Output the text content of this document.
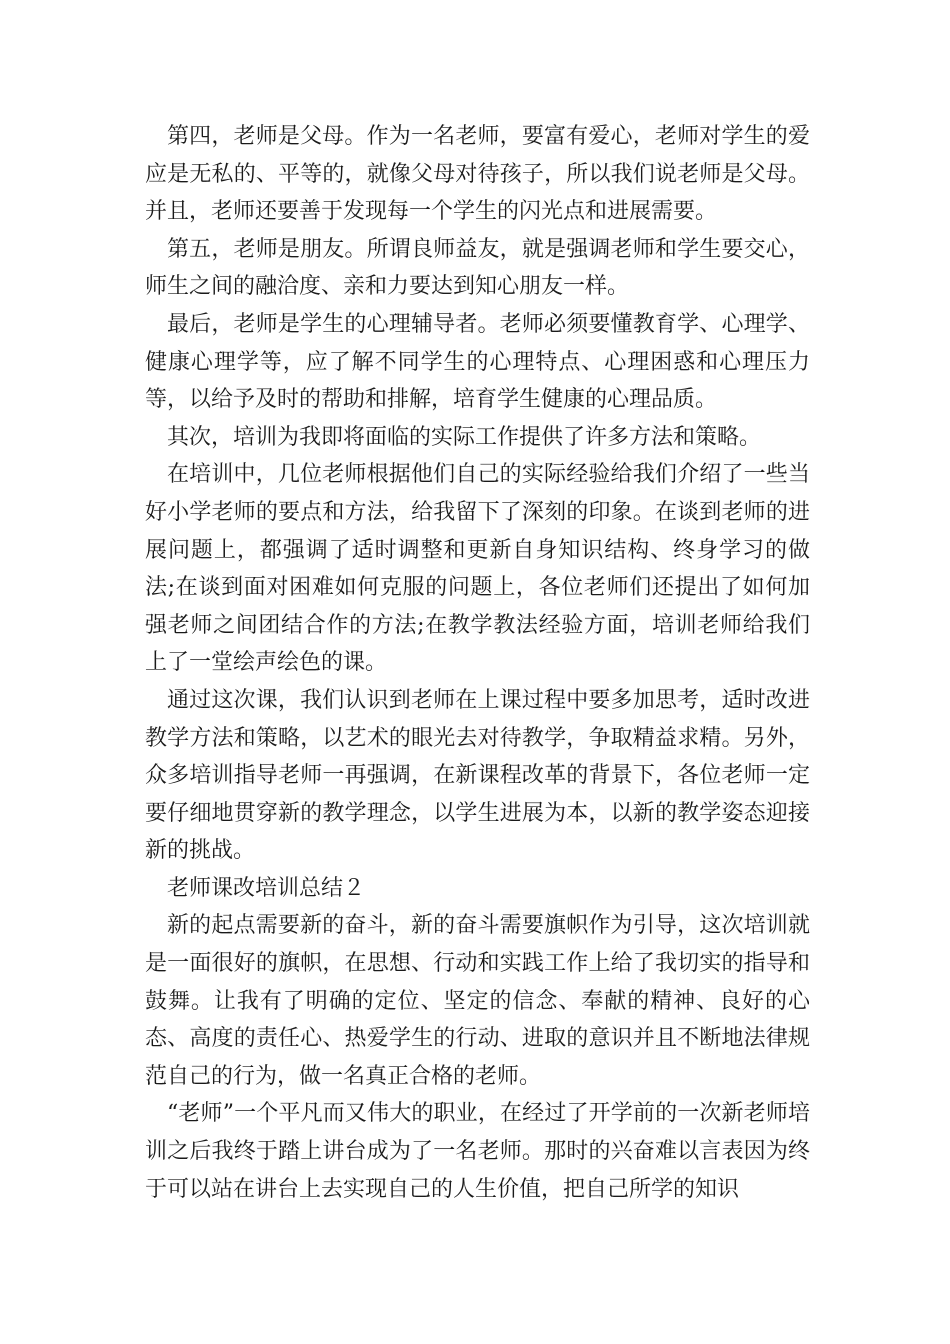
第四，老师是父母。作为一名老师，要富有爱心，老师对学生的爱应是无私的、平等的，就像父母对待孩子，所以我们说老师是父母。并且，老师还要善于发现每一个学生的闪光点和进展需要。

第五，老师是朋友。所谓良师益友，就是强调老师和学生要交心，师生之间的融洽度、亲和力要达到知心朋友一样。

最后，老师是学生的心理辅导者。老师必须要懂教育学、心理学、健康心理学等，应了解不同学生的心理特点、心理困惑和心理压力等，以给予及时的帮助和排解，培育学生健康的心理品质。

其次，培训为我即将面临的实际工作提供了许多方法和策略。

在培训中，几位老师根据他们自己的实际经验给我们介绍了一些当好小学老师的要点和方法，给我留下了深刻的印象。在谈到老师的进展问题上，都强调了适时调整和更新自身知识结构、终身学习的做法;在谈到面对困难如何克服的问题上，各位老师们还提出了如何加强老师之间团结合作的方法;在教学教法经验方面，培训老师给我们上了一堂绘声绘色的课。

通过这次课，我们认识到老师在上课过程中要多加思考，适时改进教学方法和策略，以艺术的眼光去对待教学，争取精益求精。另外，众多培训指导老师一再强调，在新课程改革的背景下，各位老师一定要仔细地贯穿新的教学理念，以学生进展为本，以新的教学姿态迎接新的挑战。

老师课改培训总结２

新的起点需要新的奋斗，新的奋斗需要旗帜作为引导，这次培训就是一面很好的旗帜，在思想、行动和实践工作上给了我切实的指导和鼓舞。让我有了明确的定位、坚定的信念、奉献的精神、良好的心态、高度的责任心、热爱学生的行动、进取的意识并且不断地法律规范自己的行为，做一名真正合格的老师。

“老师”一个平凡而又伟大的职业，在经过了开学前的一次新老师培训之后我终于踏上讲台成为了一名老师。那时的兴奋难以言表因为终于可以站在讲台上去实现自己的人生价值，把自己所学的知识
